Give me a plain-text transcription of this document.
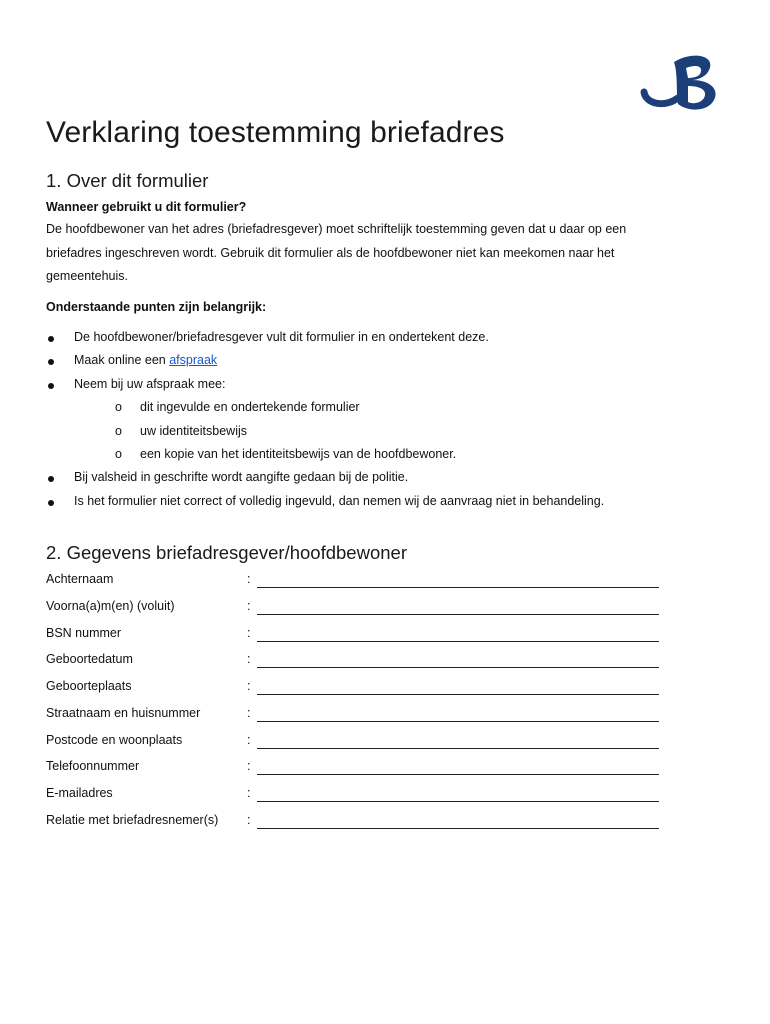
Verklaring toestemming briefadres
1. Over dit formulier
Wanneer gebruikt u dit formulier?
De hoofdbewoner van het adres (briefadresgever) moet schriftelijk toestemming geven dat u daar op een
briefadres ingeschreven wordt. Gebruik dit formulier als de hoofdbewoner niet kan meekomen naar het
gemeentehuis.
Onderstaande punten zijn belangrijk:
De hoofdbewoner/briefadresgever vult dit formulier in en ondertekent deze.
Maak online een afspraak
Neem bij uw afspraak mee:
o dit ingevulde en ondertekende formulier
o uw identiteitsbewijs
o een kopie van het identiteitsbewijs van de hoofdbewoner.
Bij valsheid in geschrifte wordt aangifte gedaan bij de politie.
Is het formulier niet correct of volledig ingevuld, dan nemen wij de aanvraag niet in behandeling.
2. Gegevens briefadresgever/hoofdbewoner
Achternaam	:
Voorna(a)m(en) (voluit)	:
BSN nummer	:
Geboortedatum	:
Geboorteplaats	:
Straatnaam en huisnummer	:
Postcode en woonplaats	:
Telefoonnummer	:
E-mailadres	:
Relatie met briefadresnemer(s) :
